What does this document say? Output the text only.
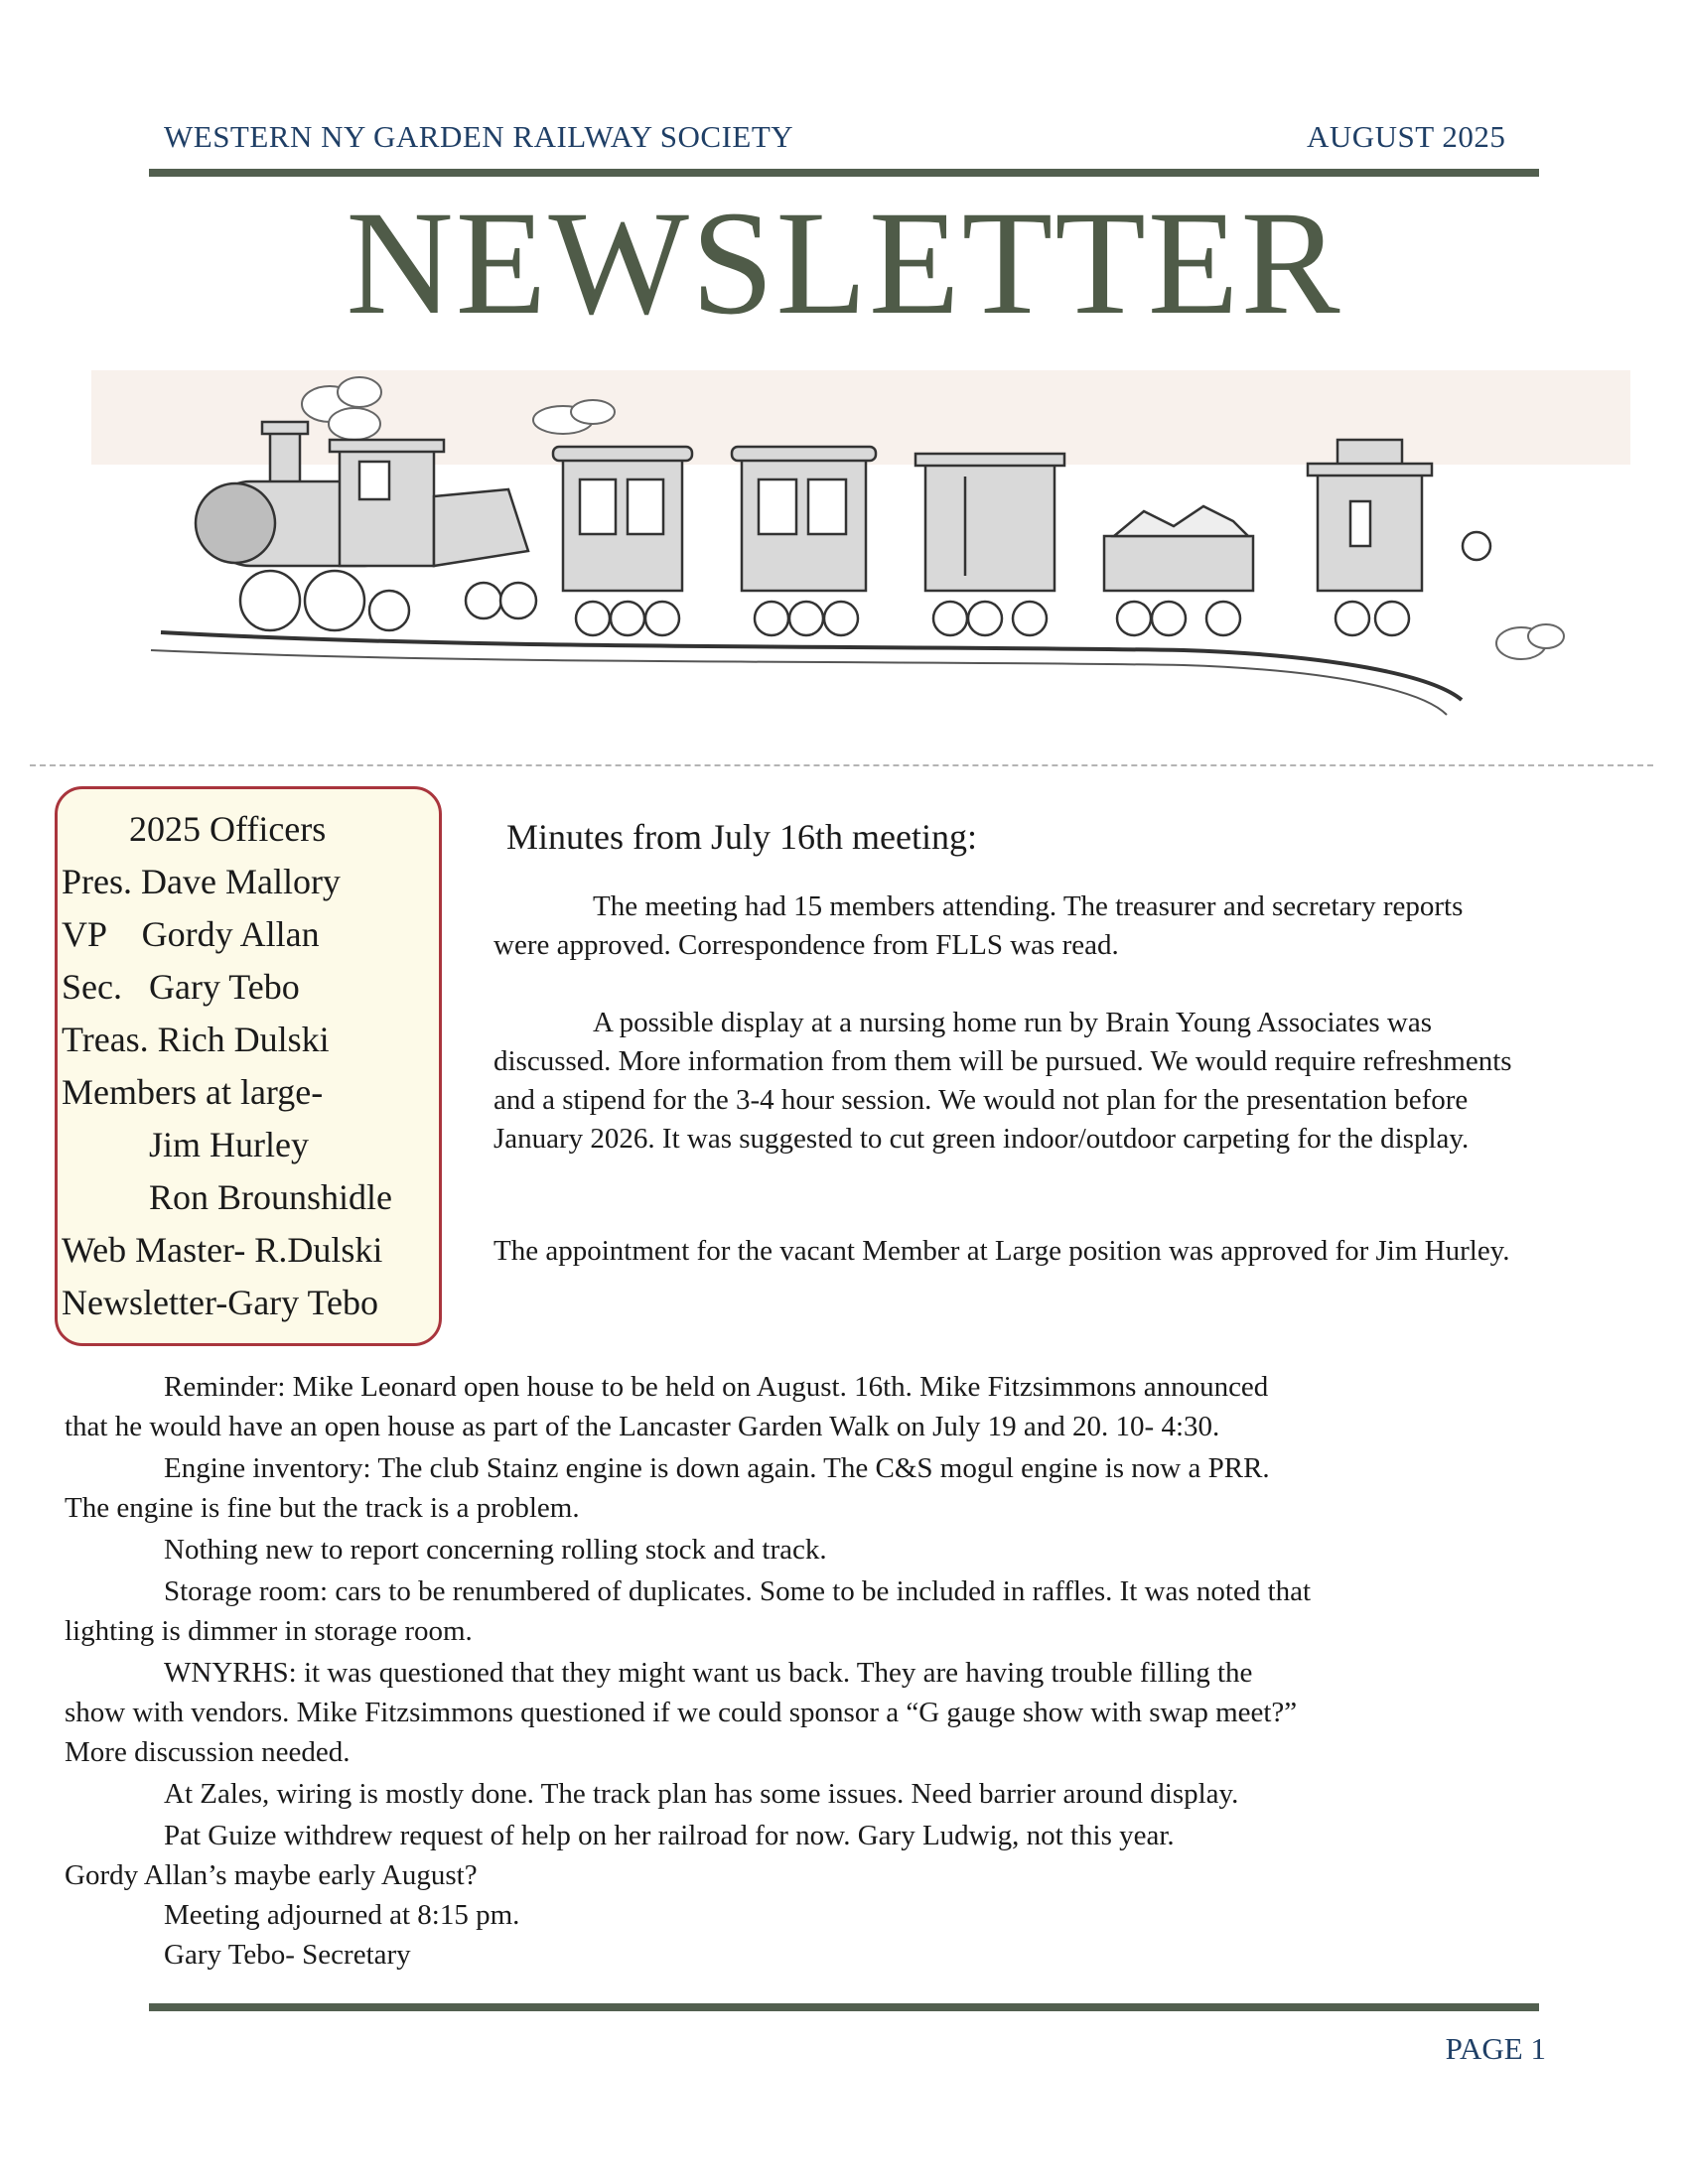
WESTERN NY GARDEN RAILWAY SOCIETY	AUGUST 2025
NEWSLETTER
2025 Officers
Pres. Dave Mallory
VP    Gordy Allan
Sec.   Gary Tebo
Treas. Rich Dulski
Members at large-
Jim Hurley
Ron Brounshidle
Web Master- R.Dulski
Newsletter-Gary Tebo
Minutes from July 16th meeting:
The meeting had 15 members attending. The treasurer and secretary reports were approved. Correspondence from FLLS was read.
A possible display at a nursing home run by Brain Young Associates was discussed. More information from them will be pursued. We would require refreshments and a stipend for the 3-4 hour session. We would not plan for the presentation before January 2026. It was suggested to cut green indoor/outdoor carpeting for the display.
The appointment for the vacant Member at Large position was approved for Jim Hurley.
Reminder: Mike Leonard open house to be held on August. 16th. Mike Fitzsimmons announced
that he would have an open house as part of the Lancaster Garden Walk on July 19 and 20. 10- 4:30.
Engine inventory: The club Stainz engine is down again. The C&S mogul engine is now a PRR.
The engine is fine but the track is a problem.
Nothing new to report concerning rolling stock and track.
Storage room: cars to be renumbered of duplicates. Some to be included in raffles. It was noted that
lighting is dimmer in storage room.
WNYRHS: it was questioned that they might want us back. They are having trouble filling the
show with vendors. Mike Fitzsimmons questioned if we could sponsor a “G gauge show with swap meet?”
More discussion needed.
At Zales, wiring is mostly done. The track plan has some issues. Need barrier around display.
Pat Guize withdrew request of help on her railroad for now. Gary Ludwig, not this year.
Gordy Allan’s maybe early August?
Meeting adjourned at 8:15 pm.
Gary Tebo- Secretary
PAGE 1
